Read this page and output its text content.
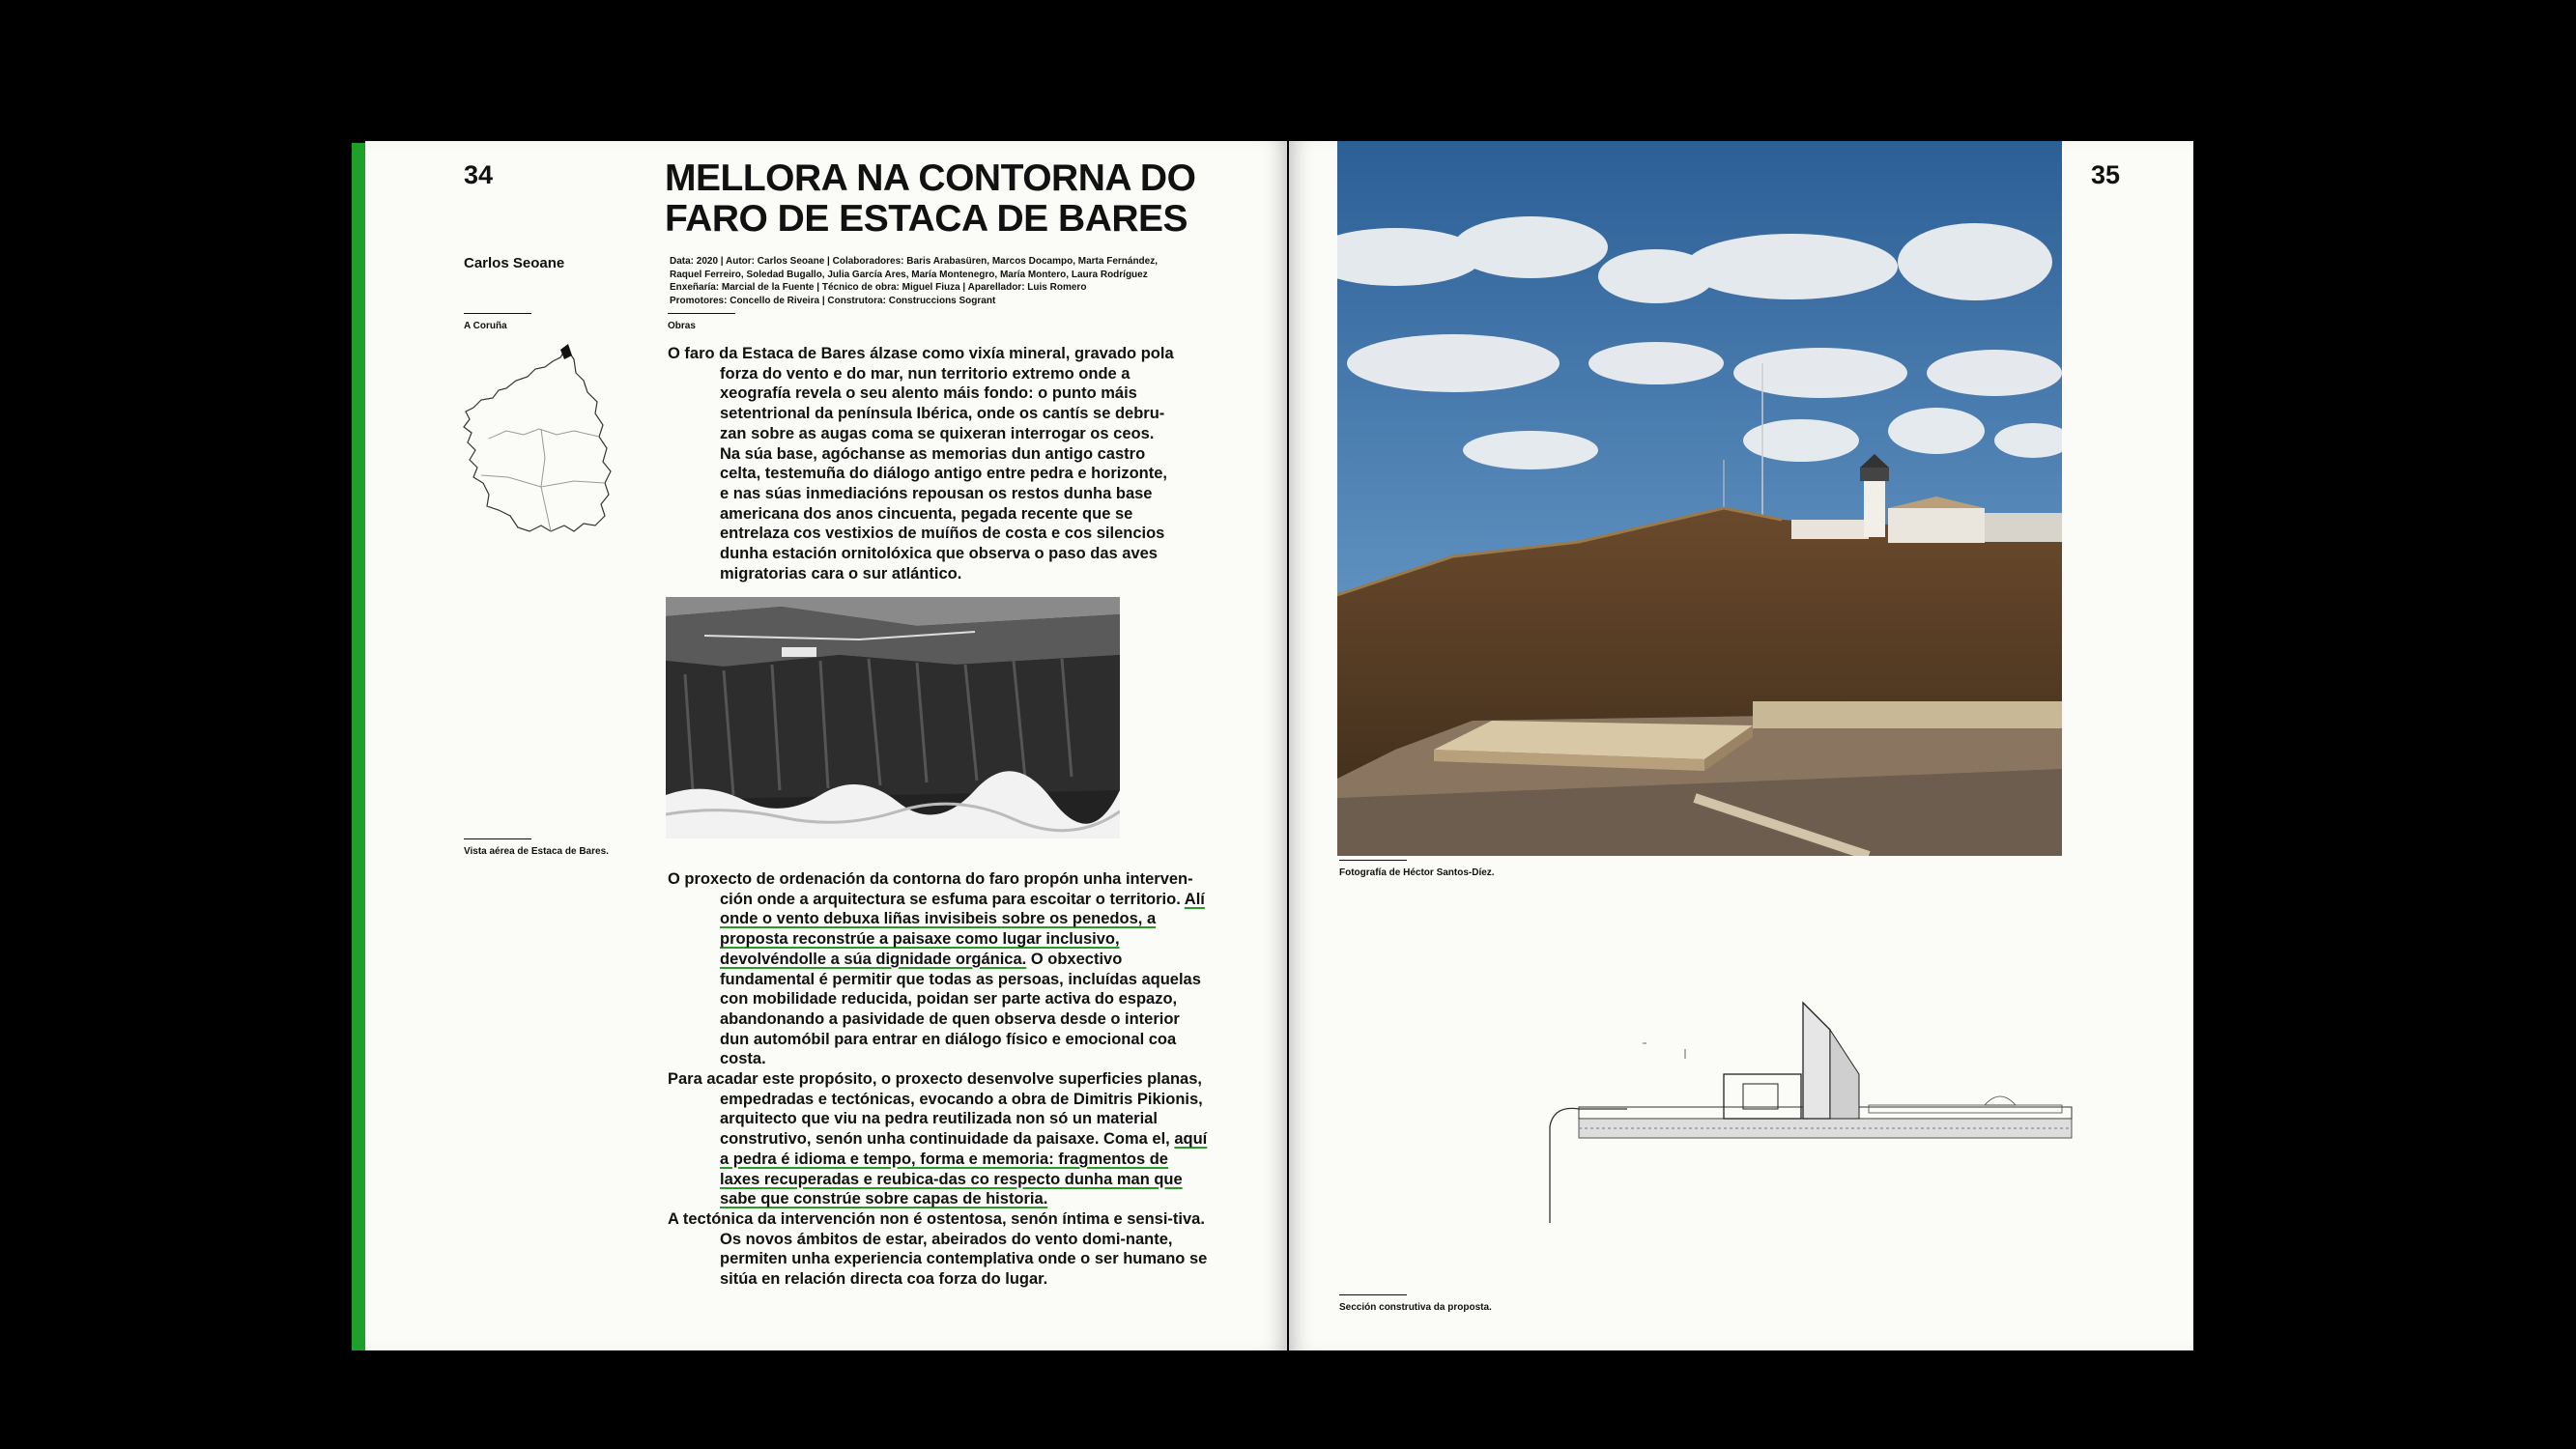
34	MELLORA NA CONTORNA DO
FARO DE ESTACA DE BARES
Carlos Seoane	Data: 2020 | Autor: Carlos Seoane | Colaboradores: Baris Arabasüren, Marcos Docampo, Marta Fernández,
Raquel Ferreiro, Soledad Bugallo, Julia García Ares, María Montenegro, María Montero, Laura Rodríguez
Enxeñaría: Marcial de la Fuente | Técnico de obra: Miguel Fiuza | Aparellador: Luis Romero
Promotores: Concello de Riveira | Construtora: Construccions Sogrant
A Coruña	Obras
O faro da Estaca de Bares álzase como vixía mineral, gravado pola
forza do vento e do mar, nun territorio extremo onde a
xeografía revela o seu alento máis fondo: o punto máis
setentrional da península Ibérica, onde os cantís se debru-
zan sobre as augas coma se quixeran interrogar os ceos.
Na súa base, agóchanse as memorias dun antigo castro
celta, testemuña do diálogo antigo entre pedra e horizonte,
e nas súas inmediacións repousan os restos dunha base
americana dos anos cincuenta, pegada recente que se
entrelaza cos vestixios de muíños de costa e cos silencios
dunha estación ornitolóxica que observa o paso das aves
migratorias cara o sur atlántico.
Vista aérea de Estaca de Bares.

O proxecto de ordenación da contorna do faro propón unha interven-ción onde a arquitectura se esfuma para escoitar o territorio. Alí onde o vento debuxa liñas invisibeis sobre os penedos, a proposta reconstrúe a paisaxe como lugar inclusivo, devolvéndolle a súa dignidade orgánica. O obxectivo fundamental é permitir que todas as persoas, incluídas aquelas con mobilidade reducida, poidan ser parte activa do espazo, abandonando a pasividade de quen observa desde o interior dun automóbil para entrar en diálogo físico e emocional coa costa.

Para acadar este propósito, o proxecto desenvolve superficies planas, empedradas e tectónicas, evocando a obra de Dimitris Pikionis, arquitecto que viu na pedra reutilizada non só un material construtivo, senón unha continuidade da paisaxe. Coma el, aquí a pedra é idioma e tempo, forma e memoria: fragmentos de laxes recuperadas e reubica-das co respecto dunha man que sabe que constrúe sobre capas de historia.

A tectónica da intervención non é ostentosa, senón íntima e sensi-tiva. Os novos ámbitos de estar, abeirados do vento domi-nante, permiten unha experiencia contemplativa onde o ser humano se sitúa en relación directa coa forza do lugar.

35
Fotografía de Héctor Santos-Díez.
Sección construtiva da proposta.
